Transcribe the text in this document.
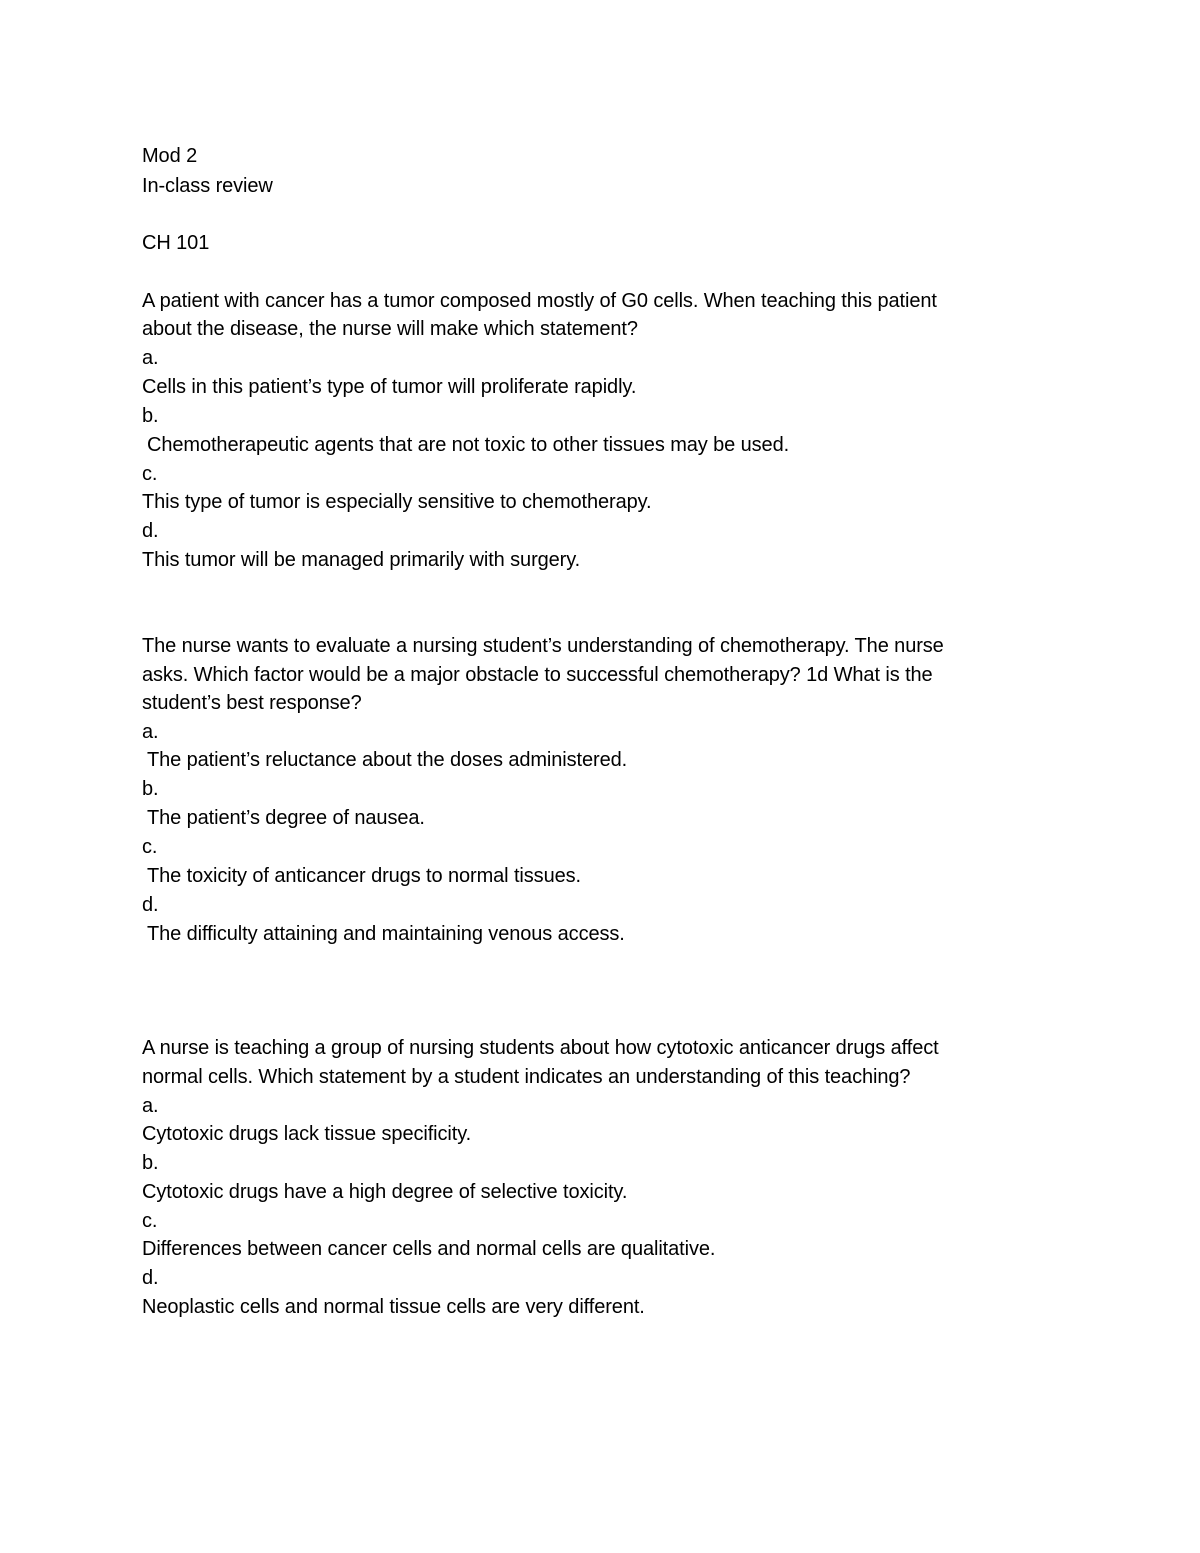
Mod 2
In-class review
CH 101
A patient with cancer has a tumor composed mostly of G0 cells. When teaching this patient
about the disease, the nurse will make which statement?
a.
Cells in this patient’s type of tumor will proliferate rapidly.
b.
Chemotherapeutic agents that are not toxic to other tissues may be used.
c.
This type of tumor is especially sensitive to chemotherapy.
d.
This tumor will be managed primarily with surgery.
The nurse wants to evaluate a nursing student’s understanding of chemotherapy. The nurse
asks. Which factor would be a major obstacle to successful chemotherapy? 1d What is the
student’s best response?
a.
The patient’s reluctance about the doses administered.
b.
The patient’s degree of nausea.
c.
The toxicity of anticancer drugs to normal tissues.
d.
The difficulty attaining and maintaining venous access.
A nurse is teaching a group of nursing students about how cytotoxic anticancer drugs affect
normal cells. Which statement by a student indicates an understanding of this teaching?
a.
Cytotoxic drugs lack tissue specificity.
b.
Cytotoxic drugs have a high degree of selective toxicity.
c.
Differences between cancer cells and normal cells are qualitative.
d.
Neoplastic cells and normal tissue cells are very different.
